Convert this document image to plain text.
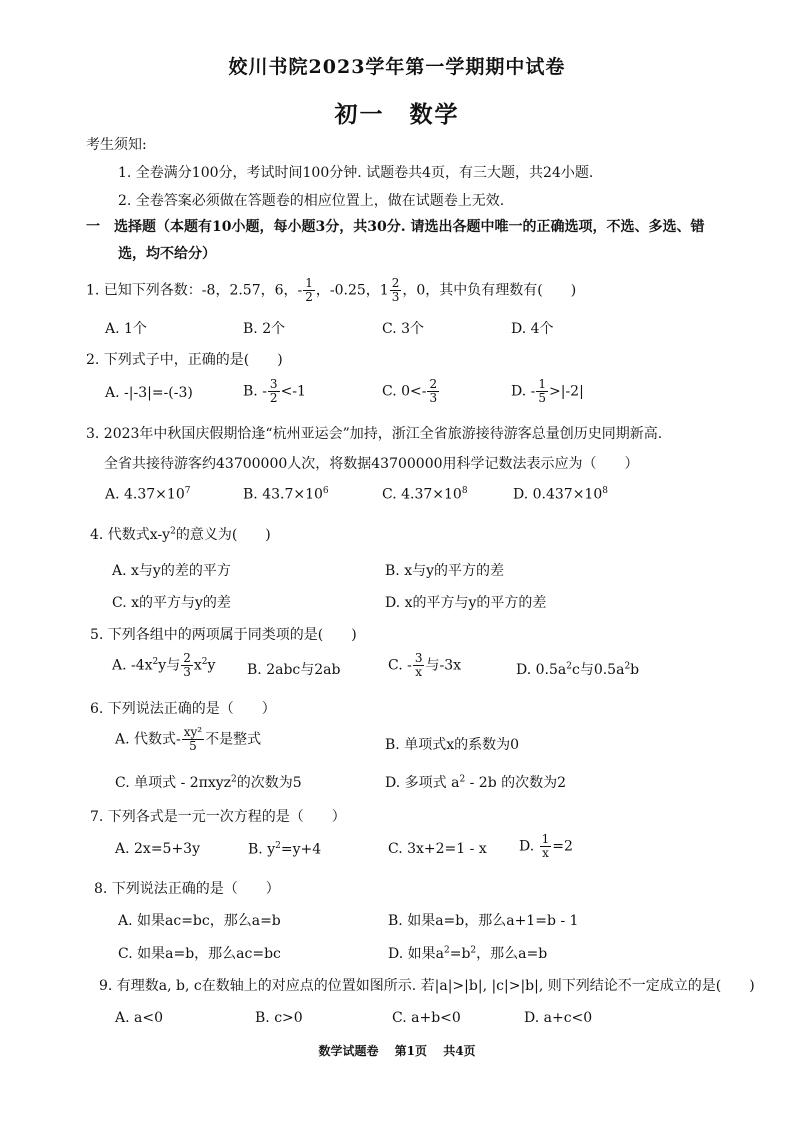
姣川书院2023学年第一学期期中试卷
初一　数学
考生须知:
1. 全卷满分100分，考试时间100分钟. 试题卷共4页，有三大题，共24小题.
2. 全卷答案必须做在答题卷的相应位置上，做在试题卷上无效.
一　选择题（本题有10小题，每小题3分，共30分. 请选出各题中唯一的正确选项，不选、多选、错
选，均不给分）
1. 已知下列各数：-8，2.57，6，- $\frac{1}{2}$ ，-0.25，$1 \frac{2}{3}$ ，0，其中负有理数有(　　)
A. 1个	B. 2个	C. 3个	D. 4个
2. 下列式子中，正确的是(　　)
A. -|-3|=-(-3)	B. - $\frac{3}{2} <-1$	C. $0<- \frac{2}{3}$	D. - $\frac{1}{5} >|-2|$
3. 2023年中秋国庆假期恰逢“杭州亚运会”加持，浙江全省旅游接待游客总量创历史同期新高.
全省共接待游客约43700000人次，将数据43700000用科学记数法表示应为（　　）
A. $4.37\times 10^7$	B. $43.7\times 10^6$	C. $4.37\times 10^8$	D. $0.437\times 10^8$
4. 代数式$x-y^2$的意义为(　　)
A. x与y的差的平方	B. x与y的平方的差
C. x的平方与y的差	D. x的平方与y的平方的差
5. 下列各组中的两项属于同类项的是(　　)
A. $-4x^2y$与 $\frac{2}{3} x^2y$ B. 2abc与2ab	C. - $\frac{3}{x}$ 与-3x	D. $0.5a^2c$与$0.5a^2b$
6. 下列说法正确的是（　　）
A. 代数式- $\frac{\text{xy²}}{5}$ 不是整式	B. 单项式x的系数为0
C. 单项式 - 2πxyz$^2$的次数为5	D. 多项式 $a^2 - 2b$ 的次数为2
7. 下列各式是一元一次方程的是（　　）
A. 2x=5+3y	B. $y^2=y+4$	C. 3x+2=1 - x D. $\frac{1}{x} =2$
8. 下列说法正确的是（　　）
A. 如果ac=bc，那么a=b	B. 如果a=b，那么a+1=b - 1
C. 如果a=b，那么ac=bc	D. 如果$a^2=b^2$，那么a=b
9. 有理数a, b, c在数轴上的对应点的位置如图所示. 若|a|>|b|, |c|>|b|, 则下列结论不一定成立的是(　　)
A. a<0	B. c>0	C. a+b<0	D. a+c<0
数学试题卷 第1页 共4页
